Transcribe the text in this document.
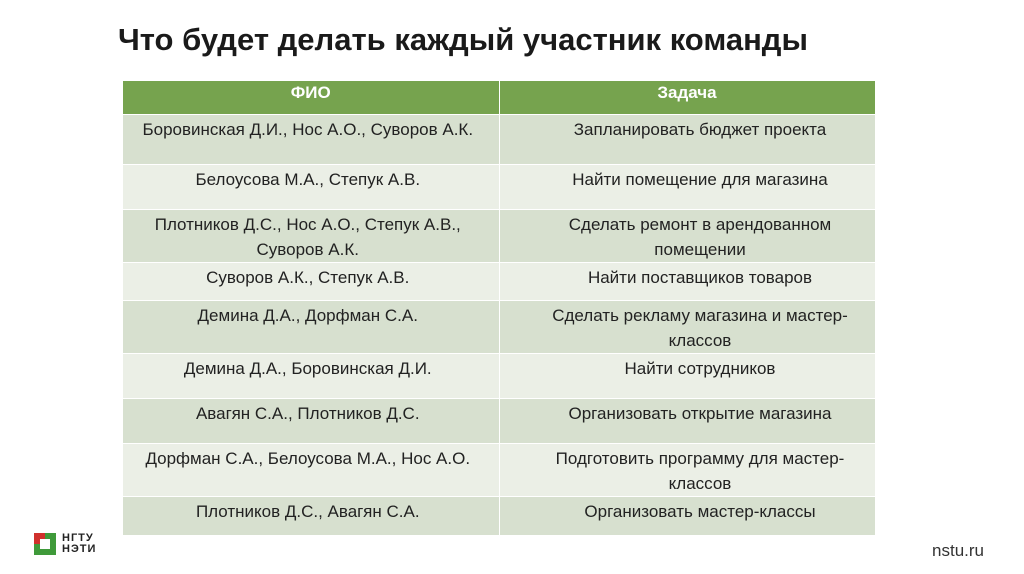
Что будет делать каждый участник команды
ФИО	Задача
Боровинская Д.И., Нос А.О., Суворов А.К.	Запланировать бюджет проекта
Белоусова М.А., Степук А.В.	Найти помещение для магазина
Плотников Д.С., Нос А.О., Степук А.В., Суворов А.К.	Сделать ремонт в арендованном помещении
Суворов А.К., Степук А.В.	Найти поставщиков товаров
Демина Д.А., Дорфман С.А.	Сделать рекламу магазина и мастер-классов
Демина Д.А., Боровинская Д.И.	Найти сотрудников
Авагян С.А., Плотников Д.С.	Организовать открытие магазина
Дорфман С.А., Белоусова М.А., Нос А.О.	Подготовить программу для мастер-классов
Плотников Д.С., Авагян С.А.	Организовать мастер-классы
НГТУ
НЭТИ	nstu.ru
